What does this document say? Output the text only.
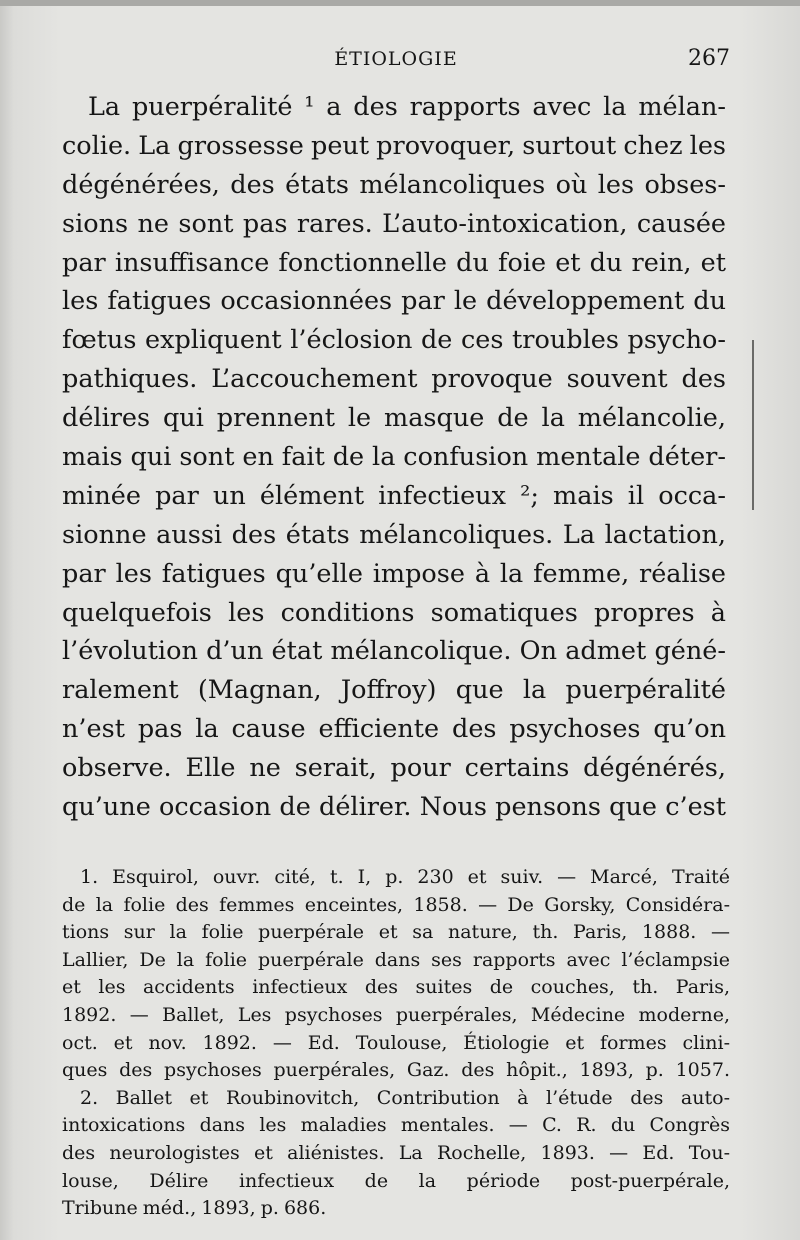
ÉTIOLOGIE	267
La puerpéralité ¹ a des rapports avec la mélan-
colie. La grossesse peut provoquer, surtout chez les
dégénérées, des états mélancoliques où les obses-
sions ne sont pas rares. L’auto-intoxication, causée
par insuffisance fonctionnelle du foie et du rein, et
les fatigues occasionnées par le développement du
fœtus expliquent l’éclosion de ces troubles psycho-
pathiques. L’accouchement provoque souvent des
délires qui prennent le masque de la mélancolie,
mais qui sont en fait de la confusion mentale déter-
minée par un élément infectieux ²; mais il occa-
sionne aussi des états mélancoliques. La lactation,
par les fatigues qu’elle impose à la femme, réalise
quelquefois les conditions somatiques propres à
l’évolution d’un état mélancolique. On admet géné-
ralement (Magnan, Joffroy) que la puerpéralité
n’est pas la cause efficiente des psychoses qu’on
observe. Elle ne serait, pour certains dégénérés,
qu’une occasion de délirer. Nous pensons que c’est
1. Esquirol, ouvr. cité, t. I, p. 230 et suiv. — Marcé, Traité
de la folie des femmes enceintes, 1858. — De Gorsky, Considéra-
tions sur la folie puerpérale et sa nature, th. Paris, 1888. —
Lallier, De la folie puerpérale dans ses rapports avec l’éclampsie
et les accidents infectieux des suites de couches, th. Paris,
1892. — Ballet, Les psychoses puerpérales, Médecine moderne,
oct. et nov. 1892. — Ed. Toulouse, Étiologie et formes clini-
ques des psychoses puerpérales, Gaz. des hôpit., 1893, p. 1057.
2. Ballet et Roubinovitch, Contribution à l’étude des auto-
intoxications dans les maladies mentales. — C. R. du Congrès
des neurologistes et aliénistes. La Rochelle, 1893. — Ed. Tou-
louse, Délire infectieux de la période post-puerpérale,
Tribune méd., 1893, p. 686.
